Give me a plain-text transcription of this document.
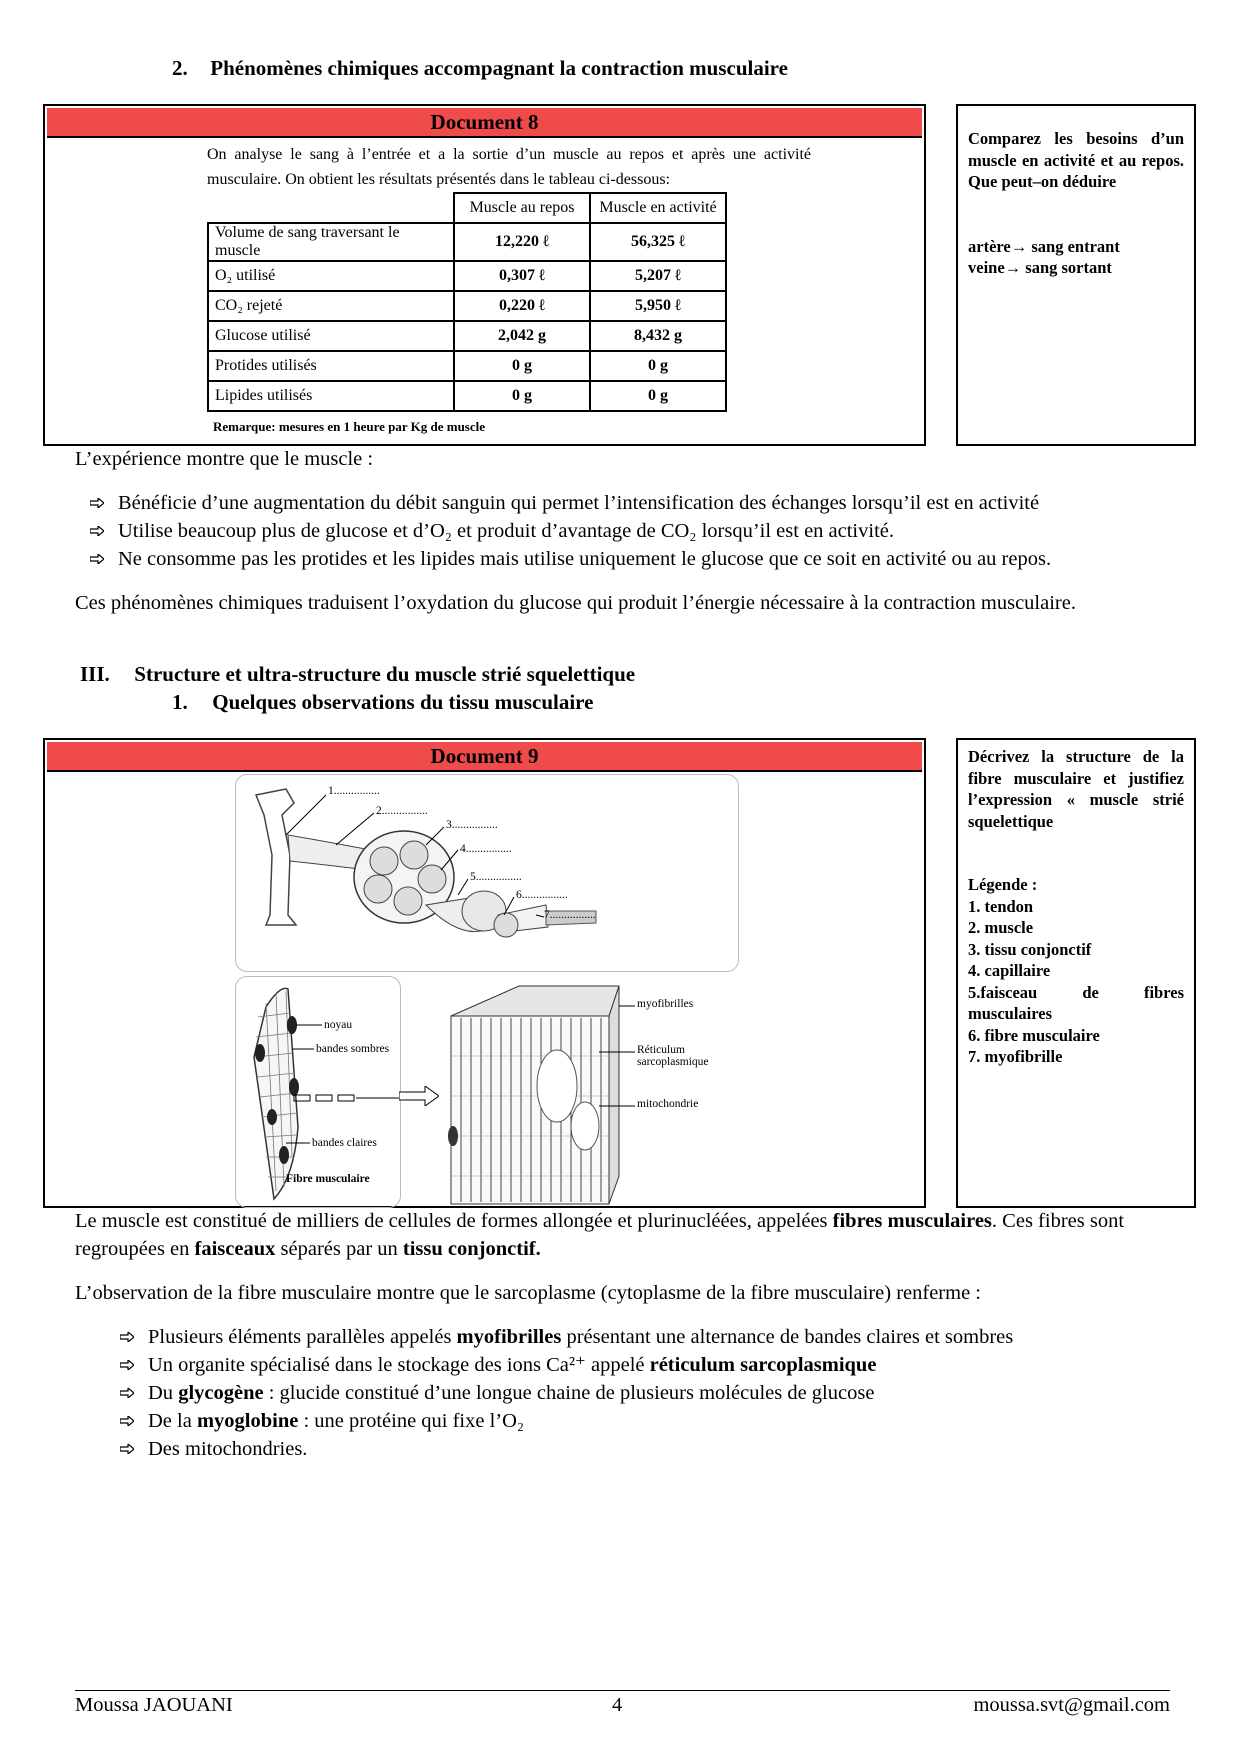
2. Phénomènes chimiques accompagnant la contraction musculaire
Document 8
On analyse le sang à l’entrée et a la sortie d’un muscle au repos et après une activité musculaire. On obtient les résultats présentés dans le tableau ci-dessous:
	Muscle au repos	Muscle en activité
Volume de sang traversant le muscle	12,220 ℓ	56,325 ℓ
O₂ utilisé	0,307 ℓ	5,207 ℓ
CO₂ rejeté	0,220 ℓ	5,950 ℓ
Glucose utilisé	2,042 g	8,432 g
Protides utilisés	0 g	0 g
Lipides utilisés	0 g	0 g
Remarque: mesures en 1 heure par Kg de muscle
Comparez les besoins d’un muscle en activité et au repos. Que peut–on déduire
artère→ sang entrant
veine→ sang sortant
L’expérience montre que le muscle :
Bénéficie d’une augmentation du débit sanguin qui permet l’intensification des échanges lorsqu’il est en activité
Utilise beaucoup plus de glucose et d’O₂ et produit d’avantage de CO₂ lorsqu’il est en activité.
Ne consomme pas les protides et les lipides mais utilise uniquement le glucose que ce soit en activité ou au repos.
Ces phénomènes chimiques traduisent l’oxydation du glucose qui produit l’énergie nécessaire à la contraction musculaire.
III. Structure et ultra-structure du muscle strié squelettique
1. Quelques observations du tissu musculaire
Document 9
1................
2................
3................
4................
5................
6................
7................
noyau
bandes sombres
bandes claires
Fibre musculaire
myofibrilles
Réticulum
sarcoplasmique
mitochondrie
Décrivez la structure de la fibre musculaire et justifiez l’expression « muscle strié squelettique
Légende :
1. tendon
2. muscle
3. tissu conjonctif
4. capillaire
5.faisceau de fibres musculaires
6. fibre musculaire
7. myofibrille
Le muscle est constitué de milliers de cellules de formes allongée et plurinucléées, appelées fibres musculaires. Ces fibres sont regroupées en faisceaux séparés par un tissu conjonctif.
L’observation de la fibre musculaire montre que le sarcoplasme (cytoplasme de la fibre musculaire) renferme :
Plusieurs éléments parallèles appelés myofibrilles présentant une alternance de bandes claires et sombres
Un organite spécialisé dans le stockage des ions Ca²⁺ appelé réticulum sarcoplasmique
Du glycogène : glucide constitué d’une longue chaine de plusieurs molécules de glucose
De la myoglobine : une protéine qui fixe l’O₂
Des mitochondries.
Moussa JAOUANI	4	moussa.svt@gmail.com
